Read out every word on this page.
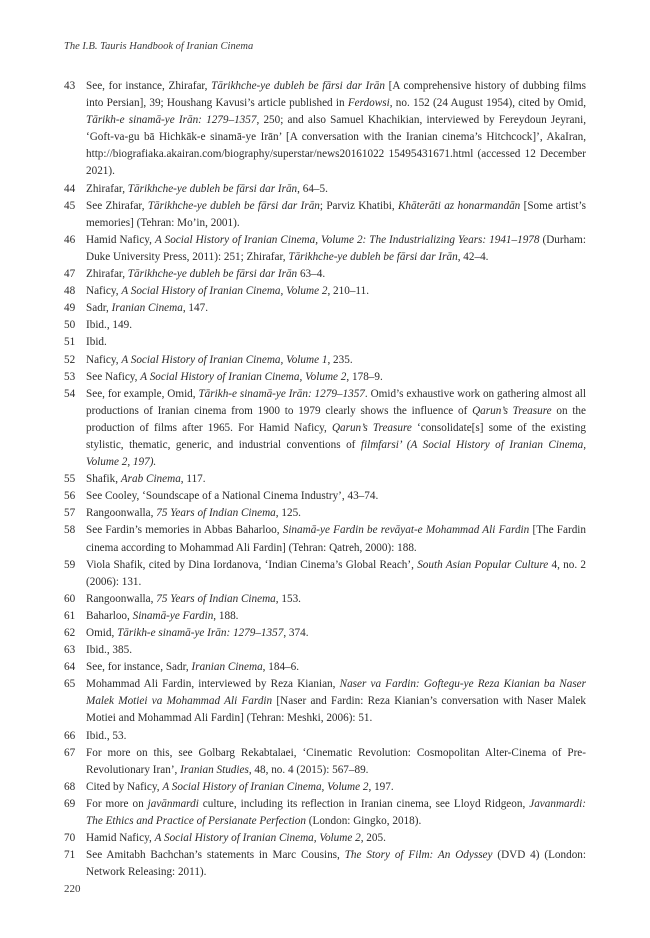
The I.B. Tauris Handbook of Iranian Cinema
43 See, for instance, Zhirafar, Tārikhche-ye dubleh be fārsi dar Irān [A comprehensive history of dubbing films into Persian], 39; Houshang Kavusi’s article published in Ferdowsi, no. 152 (24 August 1954), cited by Omid, Tārikh-e sinamā-ye Irān: 1279–1357, 250; and also Samuel Khachikian, interviewed by Fereydoun Jeyrani, ‘Goft-va-gu bā Hichkāk-e sinamā-ye Irān’ [A conversation with the Iranian cinema’s Hitchcock]’, AkaIran, http://biografiaka.akairan.com/biography/superstar/news20161022 15495431671.html (accessed 12 December 2021).
44 Zhirafar, Tārikhche-ye dubleh be fārsi dar Irān, 64–5.
45 See Zhirafar, Tārikhche-ye dubleh be fārsi dar Irān; Parviz Khatibi, Khāterāti az honarmandān [Some artist’s memories] (Tehran: Mo’in, 2001).
46 Hamid Naficy, A Social History of Iranian Cinema, Volume 2: The Industrializing Years: 1941–1978 (Durham: Duke University Press, 2011): 251; Zhirafar, Tārikhche-ye dubleh be fārsi dar Irān, 42–4.
47 Zhirafar, Tārikhche-ye dubleh be fārsi dar Irān 63–4.
48 Naficy, A Social History of Iranian Cinema, Volume 2, 210–11.
49 Sadr, Iranian Cinema, 147.
50 Ibid., 149.
51 Ibid.
52 Naficy, A Social History of Iranian Cinema, Volume 1, 235.
53 See Naficy, A Social History of Iranian Cinema, Volume 2, 178–9.
54 See, for example, Omid, Tārikh-e sinamā-ye Irān: 1279–1357. Omid’s exhaustive work on gathering almost all productions of Iranian cinema from 1900 to 1979 clearly shows the influence of Qarun’s Treasure on the production of films after 1965. For Hamid Naficy, Qarun’s Treasure ‘consolidate[s] some of the existing stylistic, thematic, generic, and industrial conventions of filmfarsi’ (A Social History of Iranian Cinema, Volume 2, 197).
55 Shafik, Arab Cinema, 117.
56 See Cooley, ‘Soundscape of a National Cinema Industry’, 43–74.
57 Rangoonwalla, 75 Years of Indian Cinema, 125.
58 See Fardin’s memories in Abbas Baharloo, Sinamā-ye Fardin be revāyat-e Mohammad Ali Fardin [The Fardin cinema according to Mohammad Ali Fardin] (Tehran: Qatreh, 2000): 188.
59 Viola Shafik, cited by Dina Iordanova, ‘Indian Cinema’s Global Reach’, South Asian Popular Culture 4, no. 2 (2006): 131.
60 Rangoonwalla, 75 Years of Indian Cinema, 153.
61 Baharloo, Sinamā-ye Fardin, 188.
62 Omid, Tārikh-e sinamā-ye Irān: 1279–1357, 374.
63 Ibid., 385.
64 See, for instance, Sadr, Iranian Cinema, 184–6.
65 Mohammad Ali Fardin, interviewed by Reza Kianian, Naser va Fardin: Goftegu-ye Reza Kianian ba Naser Malek Motiei va Mohammad Ali Fardin [Naser and Fardin: Reza Kianian’s conversation with Naser Malek Motiei and Mohammad Ali Fardin] (Tehran: Meshki, 2006): 51.
66 Ibid., 53.
67 For more on this, see Golbarg Rekabtalaei, ‘Cinematic Revolution: Cosmopolitan Alter-Cinema of Pre-Revolutionary Iran’, Iranian Studies, 48, no. 4 (2015): 567–89.
68 Cited by Naficy, A Social History of Iranian Cinema, Volume 2, 197.
69 For more on javānmardi culture, including its reflection in Iranian cinema, see Lloyd Ridgeon, Javanmardi: The Ethics and Practice of Persianate Perfection (London: Gingko, 2018).
70 Hamid Naficy, A Social History of Iranian Cinema, Volume 2, 205.
71 See Amitabh Bachchan’s statements in Marc Cousins, The Story of Film: An Odyssey (DVD 4) (London: Network Releasing: 2011).
220
